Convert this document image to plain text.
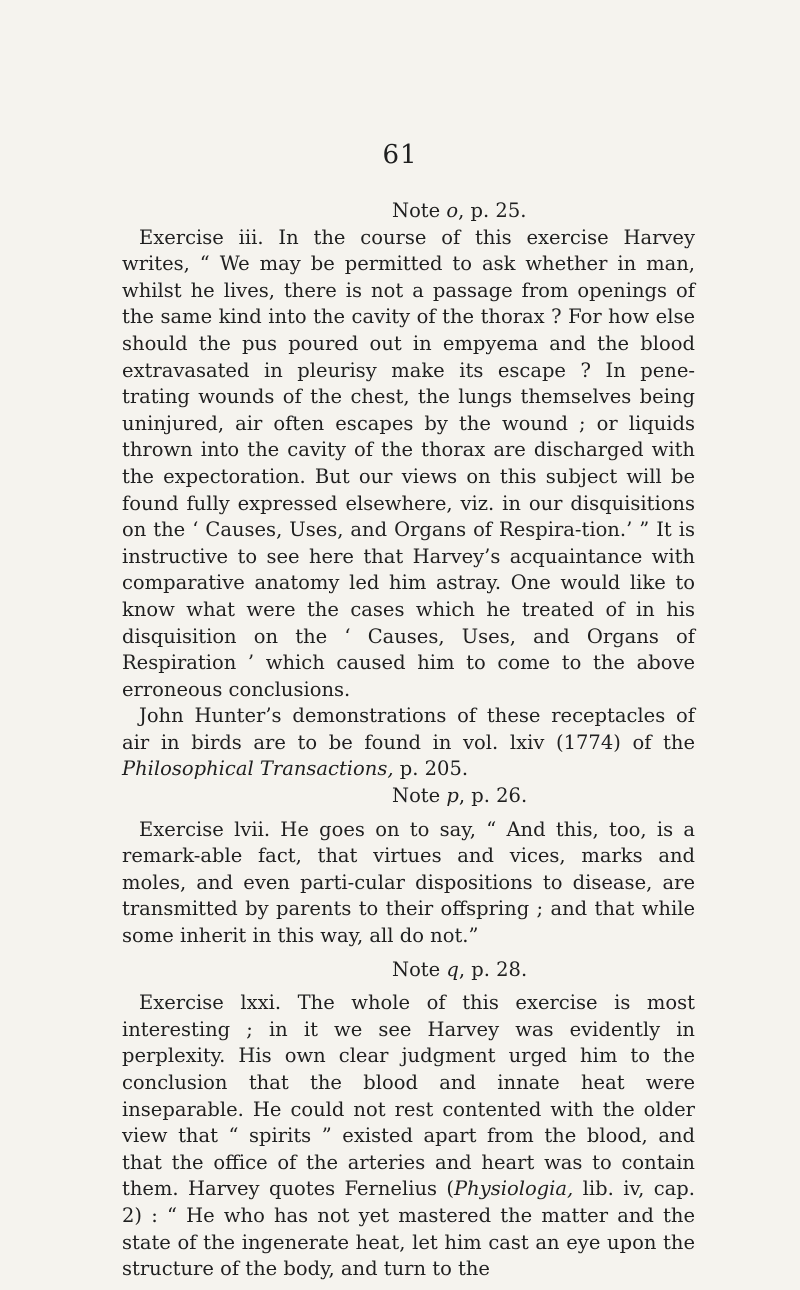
61

Note o, p. 25.

Exercise iii. In the course of this exercise Harvey writes, “ We may be permitted to ask whether in man, whilst he lives, there is not a passage from openings of the same kind into the cavity of the thorax ? For how else should the pus poured out in empyema and the blood extravasated in pleurisy make its escape ? In pene-trating wounds of the chest, the lungs themselves being uninjured, air often escapes by the wound ; or liquids thrown into the cavity of the thorax are discharged with the expectoration. But our views on this subject will be found fully expressed elsewhere, viz. in our disquisitions on the ‘ Causes, Uses, and Organs of Respira-tion.’ ” It is instructive to see here that Harvey’s acquaintance with comparative anatomy led him astray. One would like to know what were the cases which he treated of in his disquisition on the ‘ Causes, Uses, and Organs of Respiration ’ which caused him to come to the above erroneous conclusions.

John Hunter’s demonstrations of these receptacles of air in birds are to be found in vol. lxiv (1774) of the Philosophical Transactions, p. 205.

Note p, p. 26.

Exercise lvii. He goes on to say, “ And this, too, is a remark-able fact, that virtues and vices, marks and moles, and even parti-cular dispositions to disease, are transmitted by parents to their offspring ; and that while some inherit in this way, all do not.”

Note q, p. 28.

Exercise lxxi. The whole of this exercise is most interesting ; in it we see Harvey was evidently in perplexity. His own clear judgment urged him to the conclusion that the blood and innate heat were inseparable. He could not rest contented with the older view that “ spirits ” existed apart from the blood, and that the office of the arteries and heart was to contain them. Harvey quotes Fernelius (Physiologia, lib. iv, cap. 2) : “ He who has not yet mastered the matter and the state of the ingenerate heat, let him cast an eye upon the structure of the body, and turn to the
